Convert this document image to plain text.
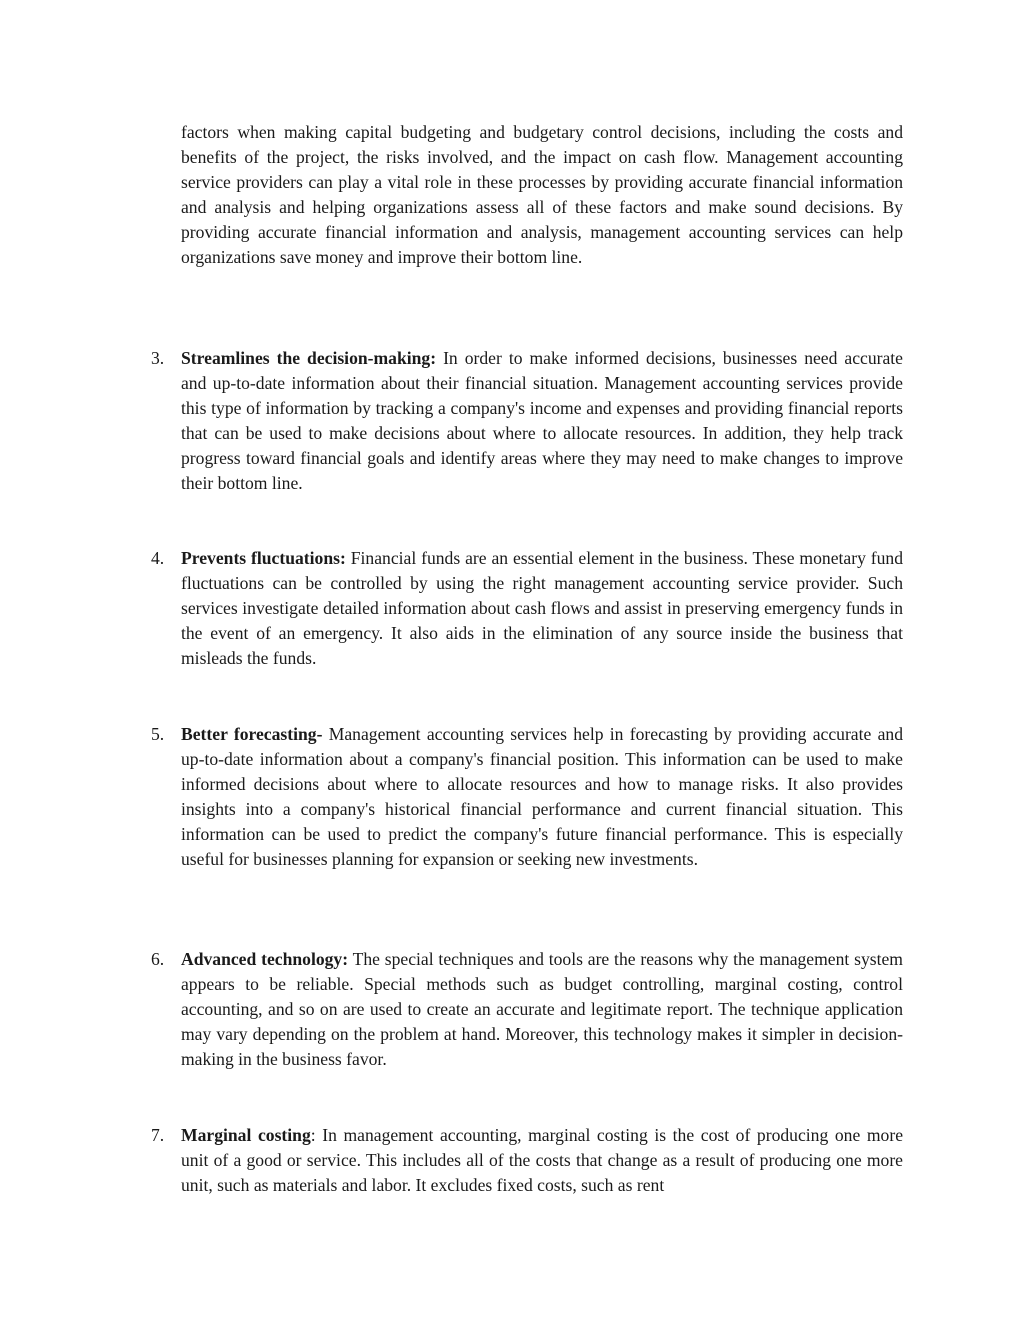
factors when making capital budgeting and budgetary control decisions, including the costs and benefits of the project, the risks involved, and the impact on cash flow. Management accounting service providers can play a vital role in these processes by providing accurate financial information and analysis and helping organizations assess all of these factors and make sound decisions. By providing accurate financial information and analysis, management accounting services can help organizations save money and improve their bottom line.

3. Streamlines the decision-making: In order to make informed decisions, businesses need accurate and up-to-date information about their financial situation. Management accounting services provide this type of information by tracking a company's income and expenses and providing financial reports that can be used to make decisions about where to allocate resources. In addition, they help track progress toward financial goals and identify areas where they may need to make changes to improve their bottom line.

4. Prevents fluctuations: Financial funds are an essential element in the business. These monetary fund fluctuations can be controlled by using the right management accounting service provider. Such services investigate detailed information about cash flows and assist in preserving emergency funds in the event of an emergency. It also aids in the elimination of any source inside the business that misleads the funds.

5. Better forecasting- Management accounting services help in forecasting by providing accurate and up-to-date information about a company's financial position. This information can be used to make informed decisions about where to allocate resources and how to manage risks. It also provides insights into a company's historical financial performance and current financial situation. This information can be used to predict the company's future financial performance. This is especially useful for businesses planning for expansion or seeking new investments.

6. Advanced technology: The special techniques and tools are the reasons why the management system appears to be reliable. Special methods such as budget controlling, marginal costing, control accounting, and so on are used to create an accurate and legitimate report. The technique application may vary depending on the problem at hand. Moreover, this technology makes it simpler in decision-making in the business favor.

7. Marginal costing: In management accounting, marginal costing is the cost of producing one more unit of a good or service. This includes all of the costs that change as a result of producing one more unit, such as materials and labor. It excludes fixed costs, such as rent
